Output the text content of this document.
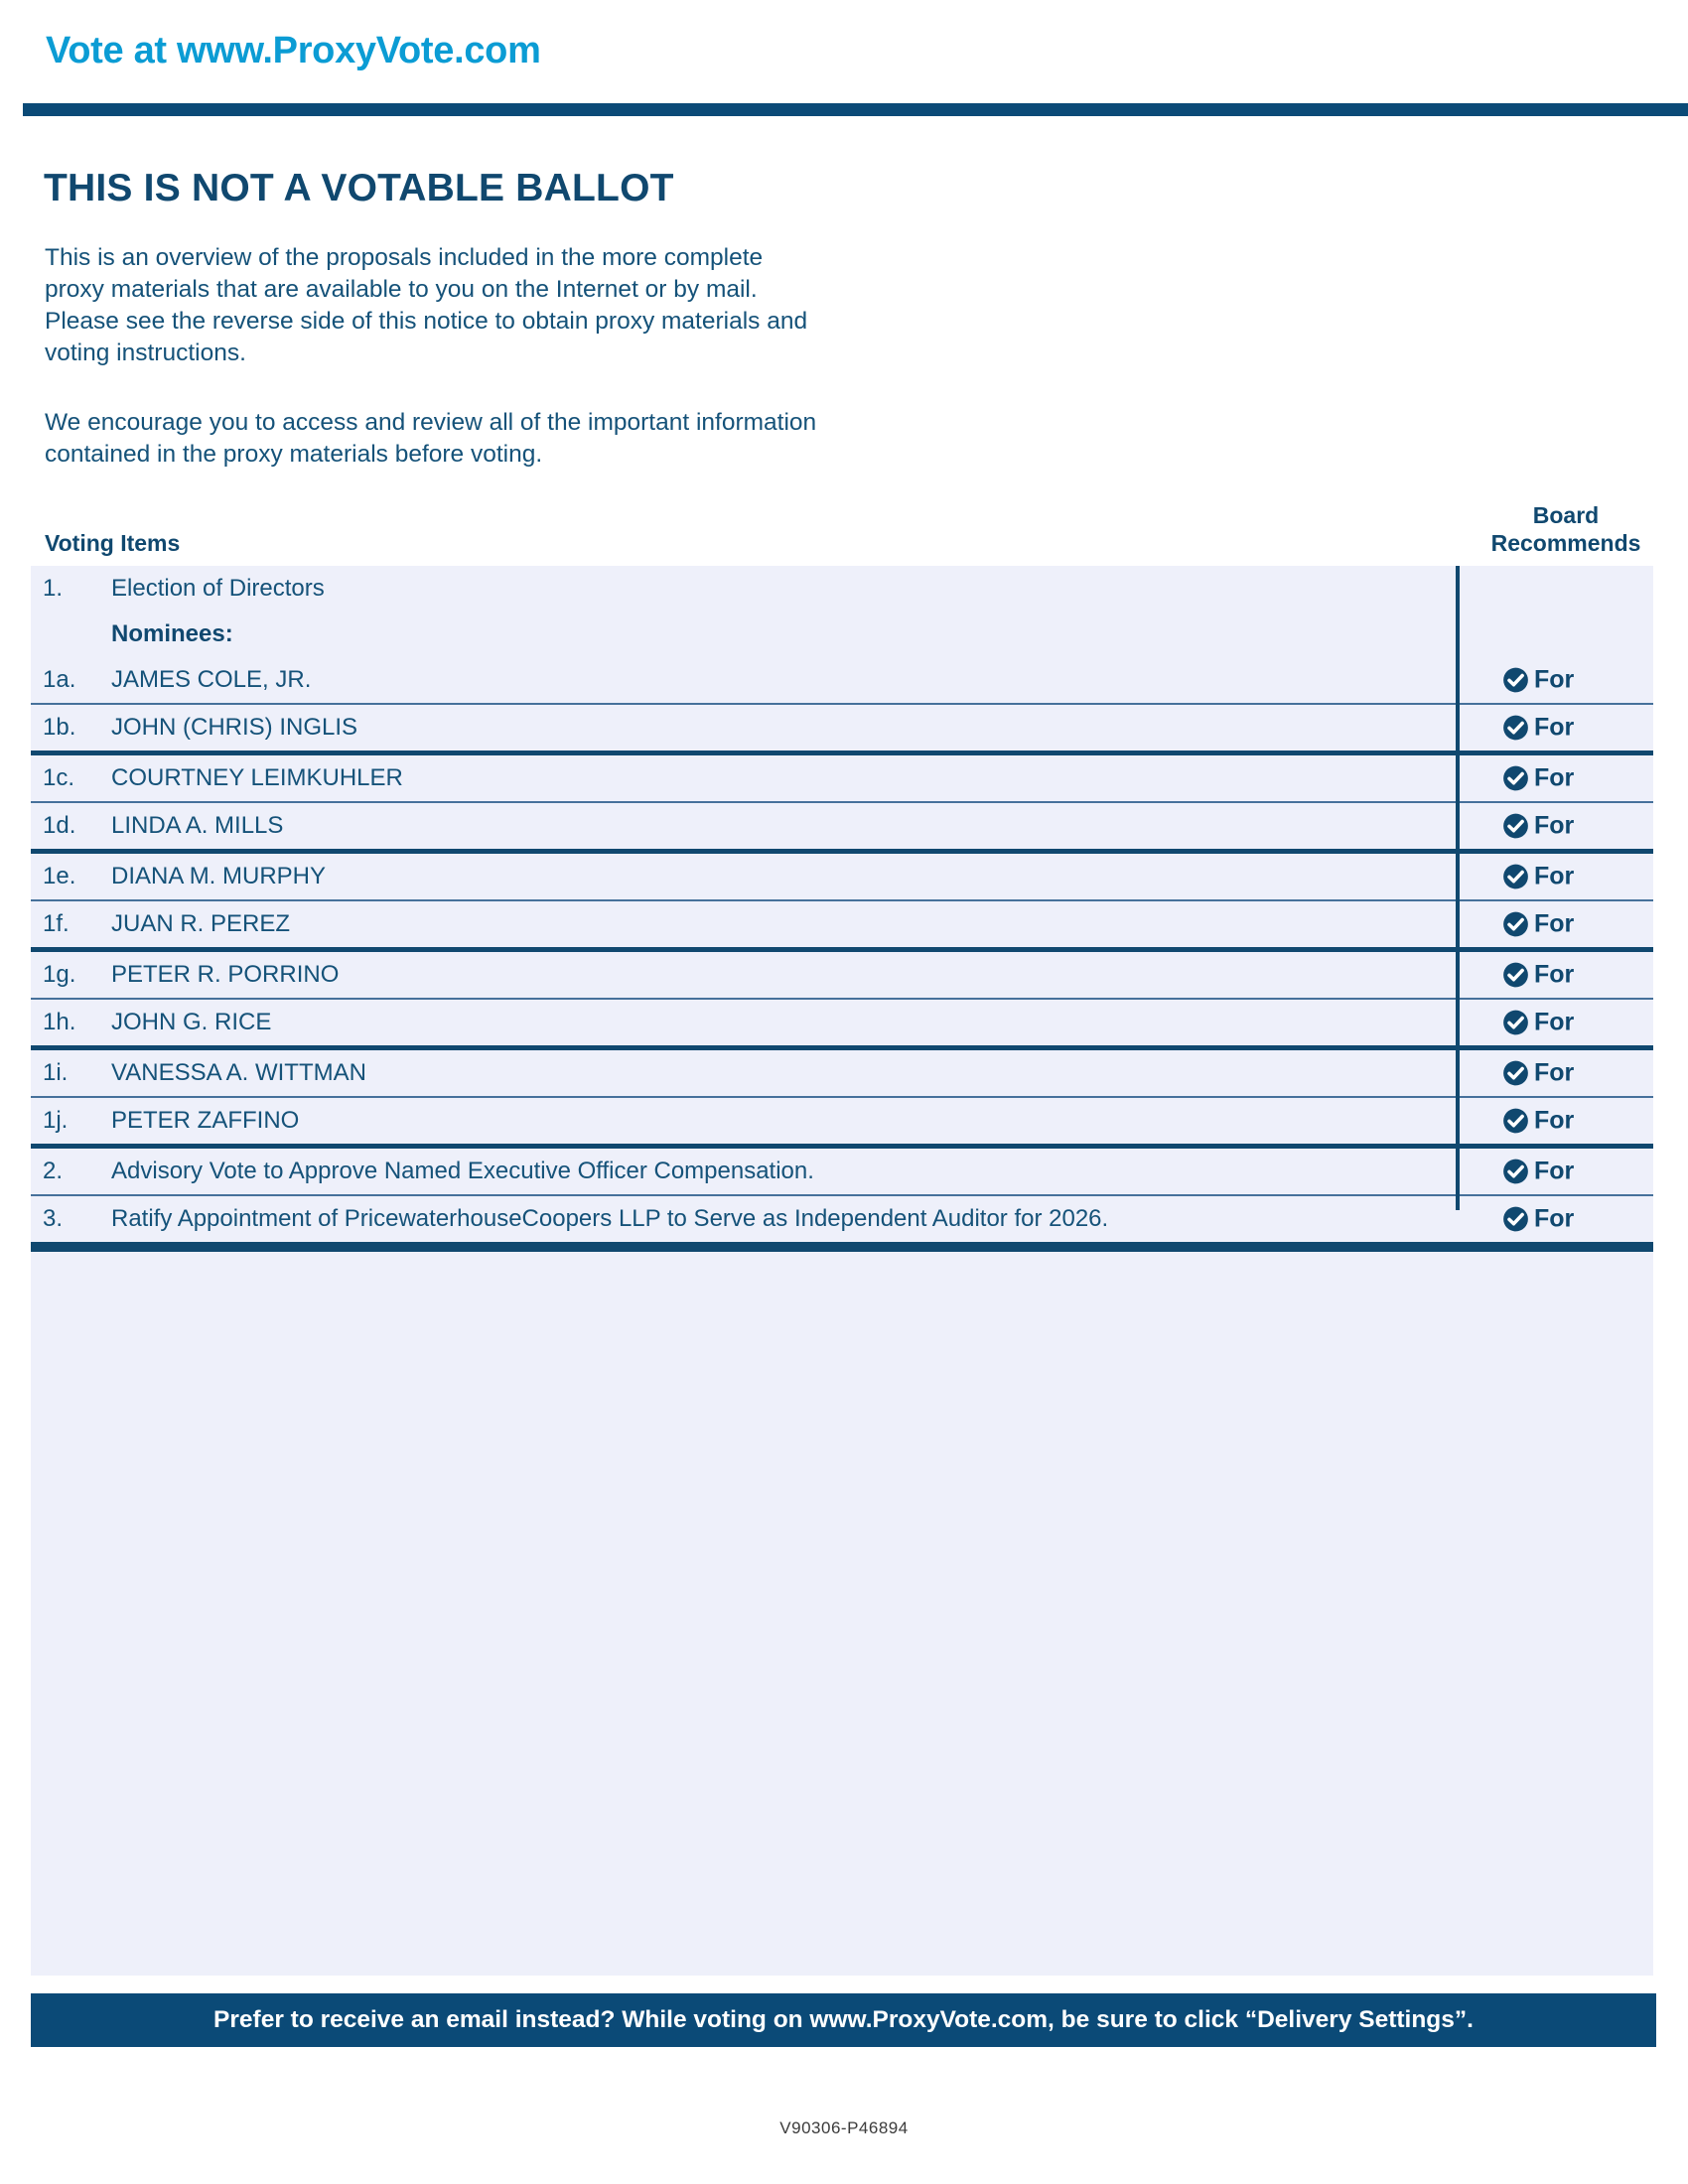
Vote at www.ProxyVote.com
THIS IS NOT A VOTABLE BALLOT
This is an overview of the proposals included in the more complete proxy materials that are available to you on the Internet or by mail. Please see the reverse side of this notice to obtain proxy materials and voting instructions.
We encourage you to access and review all of the important information contained in the proxy materials before voting.
Voting Items
Board
Recommends
1.	Election of Directors
Nominees:
1a.	JAMES COLE, JR.	For
1b.	JOHN (CHRIS) INGLIS	For
1c.	COURTNEY LEIMKUHLER	For
1d.	LINDA A. MILLS	For
1e.	DIANA M. MURPHY	For
1f.	JUAN R. PEREZ	For
1g.	PETER R. PORRINO	For
1h.	JOHN G. RICE	For
1i.	VANESSA A. WITTMAN	For
1j.	PETER ZAFFINO	For
2.	Advisory Vote to Approve Named Executive Officer Compensation.	For
3.	Ratify Appointment of PricewaterhouseCoopers LLP to Serve as Independent Auditor for 2026.	For
Prefer to receive an email instead? While voting on www.ProxyVote.com, be sure to click “Delivery Settings”.
V90306-P46894
